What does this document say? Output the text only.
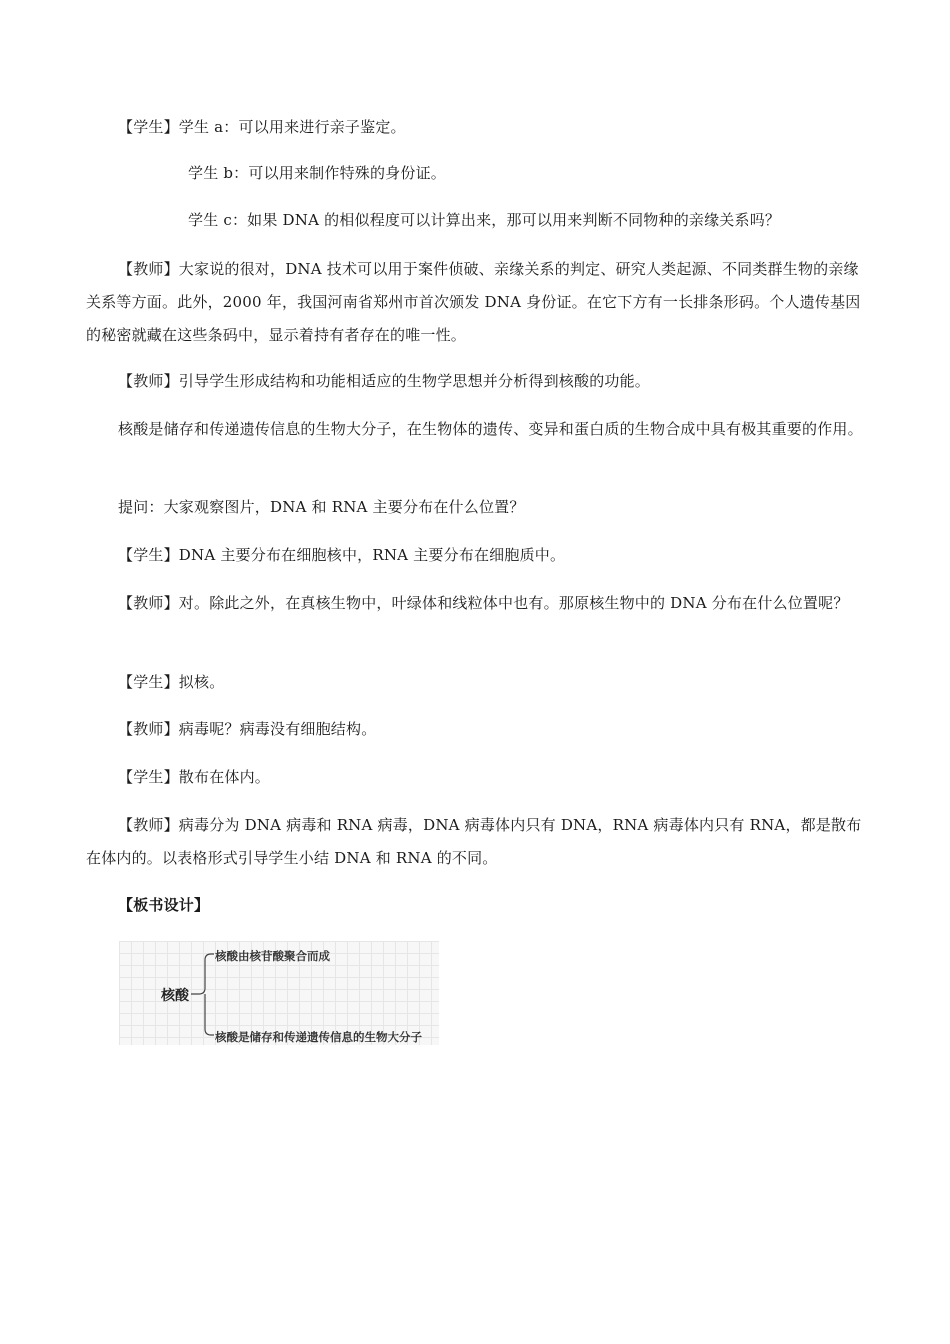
【学生】学生 a：可以用来进行亲子鉴定。

学生 b：可以用来制作特殊的身份证。

学生 c：如果 DNA 的相似程度可以计算出来，那可以用来判断不同物种的亲缘关系吗？

【教师】大家说的很对，DNA 技术可以用于案件侦破、亲缘关系的判定、研究人类起源、不同类群生物的亲缘关系等方面。此外，2000 年，我国河南省郑州市首次颁发 DNA 身份证。在它下方有一长排条形码。个人遗传基因的秘密就藏在这些条码中，显示着持有者存在的唯一性。

【教师】引导学生形成结构和功能相适应的生物学思想并分析得到核酸的功能。

核酸是储存和传递遗传信息的生物大分子，在生物体的遗传、变异和蛋白质的生物合成中具有极其重要的作用。

提问：大家观察图片，DNA 和 RNA 主要分布在什么位置？

【学生】DNA 主要分布在细胞核中，RNA 主要分布在细胞质中。

【教师】对。除此之外，在真核生物中，叶绿体和线粒体中也有。那原核生物中的 DNA 分布在什么位置呢？

【学生】拟核。

【教师】病毒呢？病毒没有细胞结构。

【学生】散布在体内。

【教师】病毒分为 DNA 病毒和 RNA 病毒，DNA 病毒体内只有 DNA，RNA 病毒体内只有 RNA，都是散布在体内的。以表格形式引导学生小结 DNA 和 RNA 的不同。

【板书设计】

核酸
核酸由核苷酸聚合而成
核酸是储存和传递遗传信息的生物大分子
